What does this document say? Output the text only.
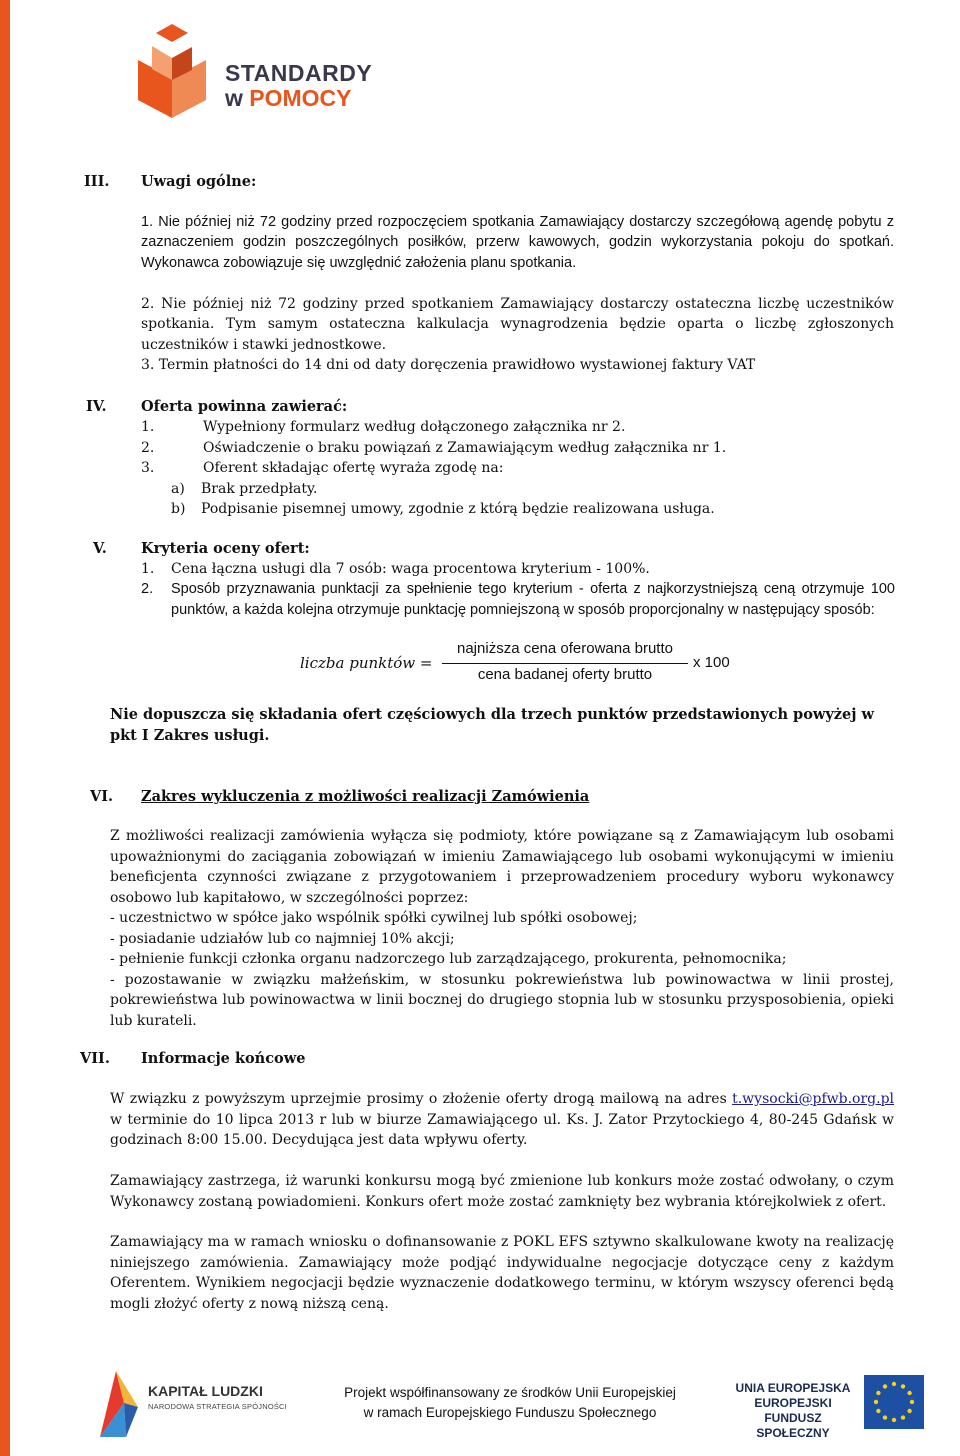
STANDARDY
w POMOCY
III. Uwagi ogólne:
1. Nie później niż 72 godziny przed rozpoczęciem spotkania Zamawiający dostarczy szczegółową agendę pobytu z zaznaczeniem godzin poszczególnych posiłków, przerw kawowych, godzin wykorzystania pokoju do spotkań. Wykonawca zobowiązuje się uwzględnić założenia planu spotkania.
2. Nie później niż 72 godziny przed spotkaniem Zamawiający dostarczy ostateczna liczbę uczestników spotkania. Tym samym ostateczna kalkulacja wynagrodzenia będzie oparta o liczbę zgłoszonych uczestników i stawki jednostkowe.
3. Termin płatności do 14 dni od daty doręczenia prawidłowo wystawionej faktury VAT
IV. Oferta powinna zawierać:
1.	Wypełniony formularz według dołączonego załącznika nr 2.
2.	Oświadczenie o braku powiązań z Zamawiającym według załącznika nr 1.
3.	Oferent składając ofertę wyraża zgodę na:
a) Brak przedpłaty.
b) Podpisanie pisemnej umowy, zgodnie z którą będzie realizowana usługa.
V. Kryteria oceny ofert:
1. Cena łączna usługi dla 7 osób: waga procentowa kryterium - 100%.
2.	Sposób przyznawania punktacji za spełnienie tego kryterium - oferta z najkorzystniejszą ceną otrzymuje 100 punktów, a każda kolejna otrzymuje punktację pomniejszoną w sposób proporcjonalny w następujący sposób:
liczba punktów =
najniższa cena oferowana brutto
cena badanej oferty brutto
x 100
Nie dopuszcza się składania ofert częściowych dla trzech punktów przedstawionych powyżej w pkt I Zakres usługi.
VI. Zakres wykluczenia z możliwości realizacji Zamówienia
Z możliwości realizacji zamówienia wyłącza się podmioty, które powiązane są z Zamawiającym lub osobami upoważnionymi do zaciągania zobowiązań w imieniu Zamawiającego lub osobami wykonującymi w imieniu beneficjenta czynności związane z przygotowaniem i przeprowadzeniem procedury wyboru wykonawcy osobowo lub kapitałowo, w szczególności poprzez:
- uczestnictwo w spółce jako wspólnik spółki cywilnej lub spółki osobowej;
- posiadanie udziałów lub co najmniej 10% akcji;
- pełnienie funkcji członka organu nadzorczego lub zarządzającego, prokurenta, pełnomocnika;
- pozostawanie w związku małżeńskim, w stosunku pokrewieństwa lub powinowactwa w linii prostej, pokrewieństwa lub powinowactwa w linii bocznej do drugiego stopnia lub w stosunku przysposobienia, opieki lub kurateli.
VII. Informacje końcowe
W związku z powyższym uprzejmie prosimy o złożenie oferty drogą mailową na adres t.wysocki@pfwb.org.pl w terminie do 10 lipca 2013 r lub w biurze Zamawiającego ul. Ks. J. Zator Przytockiego 4, 80-245 Gdańsk w godzinach 8:00 15.00. Decydująca jest data wpływu oferty.
Zamawiający zastrzega, iż warunki konkursu mogą być zmienione lub konkurs może zostać odwołany, o czym Wykonawcy zostaną powiadomieni. Konkurs ofert może zostać zamknięty bez wybrania którejkolwiek z ofert.
Zamawiający ma w ramach wniosku o dofinansowanie z POKL EFS sztywno skalkulowane kwoty na realizację niniejszego zamówienia. Zamawiający może podjąć indywidualne negocjacje dotyczące ceny z każdym Oferentem. Wynikiem negocjacji będzie wyznaczenie dodatkowego terminu, w którym wszyscy oferenci będą mogli złożyć oferty z nową niższą ceną.
KAPITAŁ LUDZKI
NARODOWA STRATEGIA SPÓJNOŚCI
Projekt współfinansowany ze środków Unii Europejskiej
w ramach Europejskiego Funduszu Społecznego
UNIA EUROPEJSKA
EUROPEJSKI
FUNDUSZ SPOŁECZNY
